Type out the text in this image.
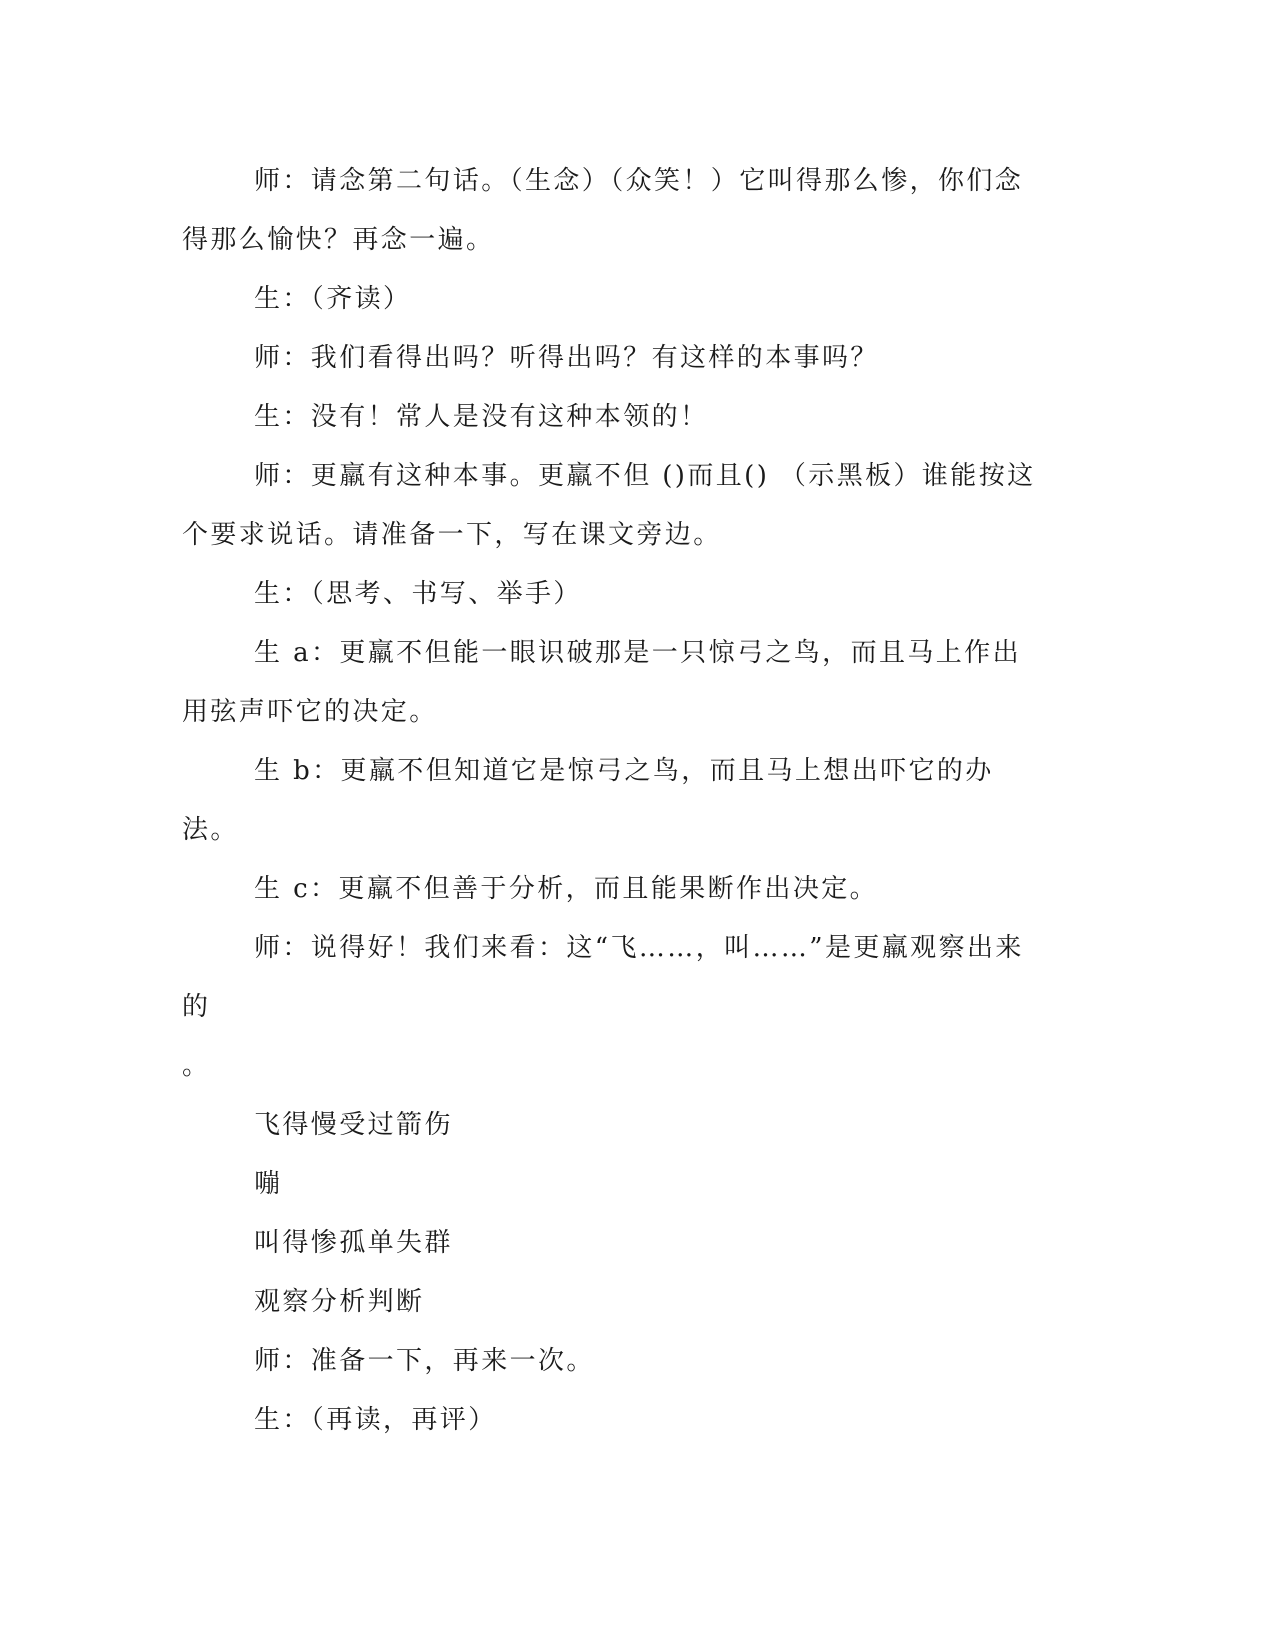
师：请念第二句话。（生念）（众笑！）它叫得那么惨，你们念得那么愉快？再念一遍。

生：（齐读）

师：我们看得出吗？听得出吗？有这样的本事吗？

生：没有！常人是没有这种本领的！

师：更羸有这种本事。更羸不但 ()而且() （示黑板）谁能按这个要求说话。请准备一下，写在课文旁边。

生：（思考、书写、举手）

生 a：更羸不但能一眼识破那是一只惊弓之鸟，而且马上作出用弦声吓它的决定。

生 b：更羸不但知道它是惊弓之鸟，而且马上想出吓它的办法。

生 c：更羸不但善于分析，而且能果断作出决定。

师：说得好！我们来看：这“飞……，叫……”是更羸观察出来的

。

飞得慢受过箭伤

嘣

叫得惨孤单失群

观察分析判断

师：准备一下，再来一次。

生：（再读，再评）
